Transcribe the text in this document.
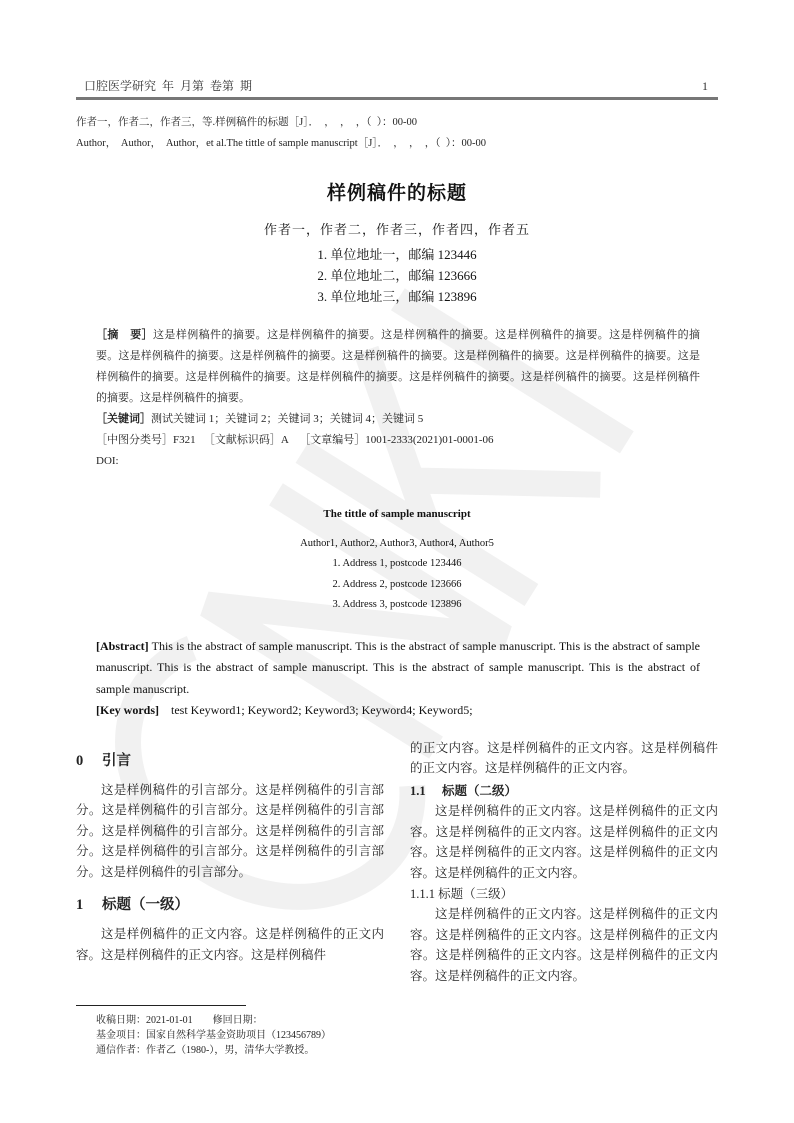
口腔医学研究  年  月第  卷第  期	1
作者一，作者二，作者三，等.样例稿件的标题［J］．  ，  ，  ，（  ）：00-00
Author，  Author，  Author，et al.The tittle of sample manuscript［J］．  ，  ，  ，（  ）：00-00
样例稿件的标题
作者一，作者二，作者三，作者四，作者五
1. 单位地址一，邮编 123446
2. 单位地址二，邮编 123666
3. 单位地址三，邮编 123896
［摘　要］这是样例稿件的摘要。这是样例稿件的摘要。这是样例稿件的摘要。这是样例稿件的摘要。这是样例稿件的摘要。这是样例稿件的摘要。这是样例稿件的摘要。这是样例稿件的摘要。这是样例稿件的摘要。这是样例稿件的摘要。这是样例稿件的摘要。这是样例稿件的摘要。这是样例稿件的摘要。这是样例稿件的摘要。这是样例稿件的摘要。这是样例稿件的摘要。这是样例稿件的摘要。
［关键词］测试关键词 1；关键词 2；关键词 3；关键词 4；关键词 5
［中图分类号］F321 ［文献标识码］A ［文章编号］1001-2333(2021)01-0001-06
DOI:
The tittle of sample manuscript
Author1, Author2, Author3, Author4, Author5
1. Address 1, postcode 123446
2. Address 2, postcode 123666
3. Address 3, postcode 123896
[Abstract] This is the abstract of sample manuscript. This is the abstract of sample manuscript. This is the abstract of sample manuscript. This is the abstract of sample manuscript. This is the abstract of sample manuscript. This is the abstract of sample manuscript.
[Key words] test Keyword1; Keyword2; Keyword3; Keyword4; Keyword5;
0 引言
这是样例稿件的引言部分。这是样例稿件的引言部分。这是样例稿件的引言部分。这是样例稿件的引言部分。这是样例稿件的引言部分。这是样例稿件的引言部分。这是样例稿件的引言部分。这是样例稿件的引言部分。这是样例稿件的引言部分。
1 标题（一级）
这是样例稿件的正文内容。这是样例稿件的正文内容。这是样例稿件的正文内容。这是样例稿件
的正文内容。这是样例稿件的正文内容。这是样例稿件的正文内容。这是样例稿件的正文内容。
1.1 标题（二级）
这是样例稿件的正文内容。这是样例稿件的正文内容。这是样例稿件的正文内容。这是样例稿件的正文内容。这是样例稿件的正文内容。这是样例稿件的正文内容。这是样例稿件的正文内容。
1.1.1 标题（三级）
这是样例稿件的正文内容。这是样例稿件的正文内容。这是样例稿件的正文内容。这是样例稿件的正文内容。这是样例稿件的正文内容。这是样例稿件的正文内容。这是样例稿件的正文内容。
收稿日期：2021-01-01        修回日期：
基金项目：国家自然科学基金资助项目（123456789）
通信作者：作者乙（1980-），男，清华大学教授。
